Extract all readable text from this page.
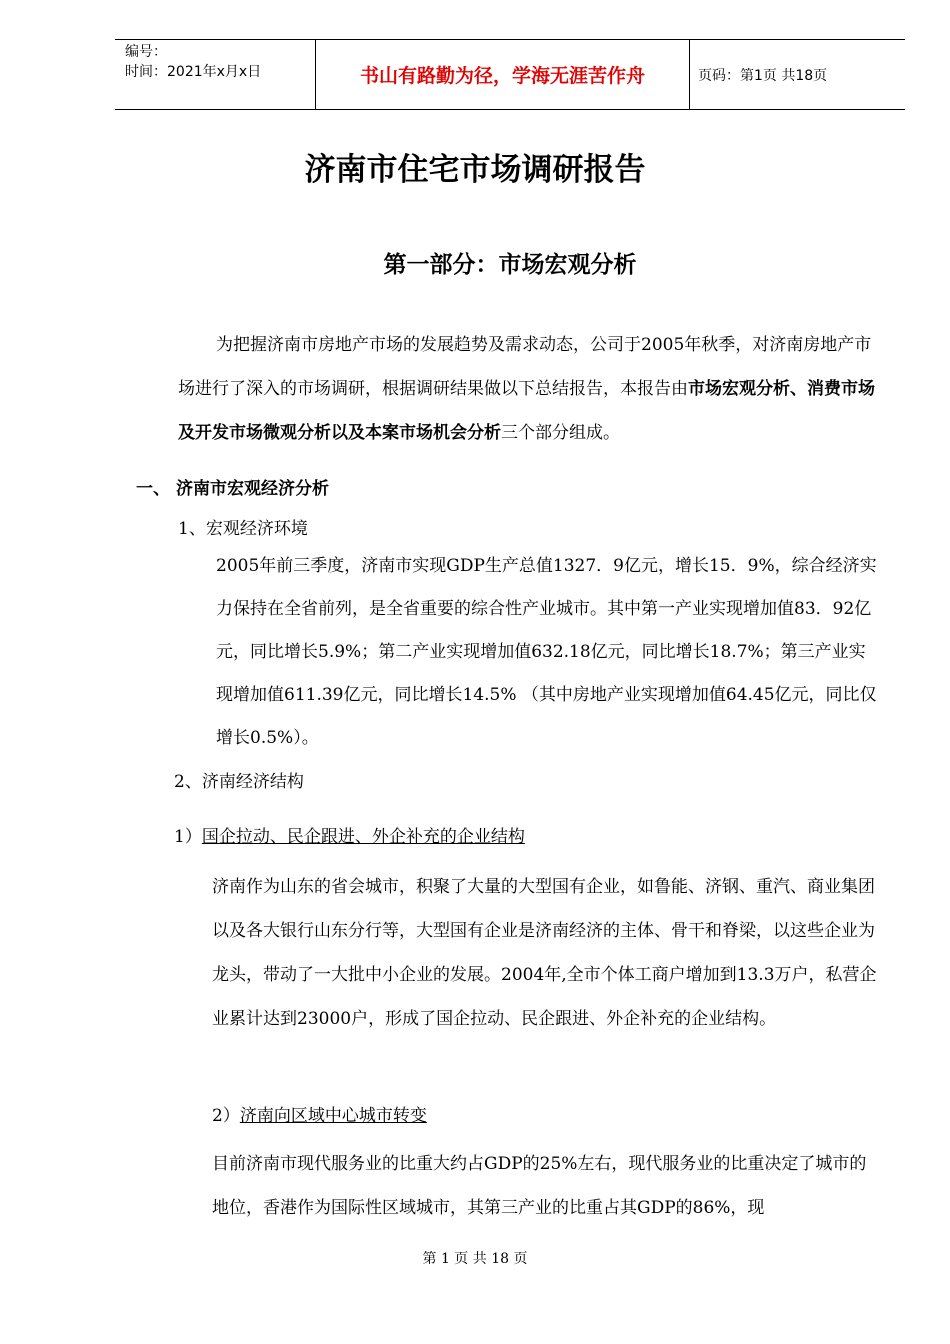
编号：
时间：2021年x月x日	书山有路勤为径，学海无涯苦作舟	页码：第1页 共18页
济南市住宅市场调研报告
第一部分：市场宏观分析
为把握济南市房地产市场的发展趋势及需求动态，公司于2005年秋季，对济南房地产市场进行了深入的市场调研，根据调研结果做以下总结报告，本报告由市场宏观分析、消费市场及开发市场微观分析以及本案市场机会分析三个部分组成。
一、 济南市宏观经济分析
1、宏观经济环境
2005年前三季度，济南市实现GDP生产总值1327．9亿元，增长15．9%，综合经济实力保持在全省前列，是全省重要的综合性产业城市。其中第一产业实现增加值83．92亿元，同比增长5.9%；第二产业实现增加值632.18亿元，同比增长18.7%；第三产业实现增加值611.39亿元，同比增长14.5% （其中房地产业实现增加值64.45亿元，同比仅增长0.5%）。
2、济南经济结构
1）国企拉动、民企跟进、外企补充的企业结构
济南作为山东的省会城市，积聚了大量的大型国有企业，如鲁能、济钢、重汽、商业集团以及各大银行山东分行等，大型国有企业是济南经济的主体、骨干和脊梁，以这些企业为龙头，带动了一大批中小企业的发展。2004年,全市个体工商户增加到13.3万户，私营企业累计达到23000户，形成了国企拉动、民企跟进、外企补充的企业结构。
2）济南向区域中心城市转变
目前济南市现代服务业的比重大约占GDP的25%左右，现代服务业的比重决定了城市的地位，香港作为国际性区域城市，其第三产业的比重占其GDP的86%，现
第 1 页 共 18 页
